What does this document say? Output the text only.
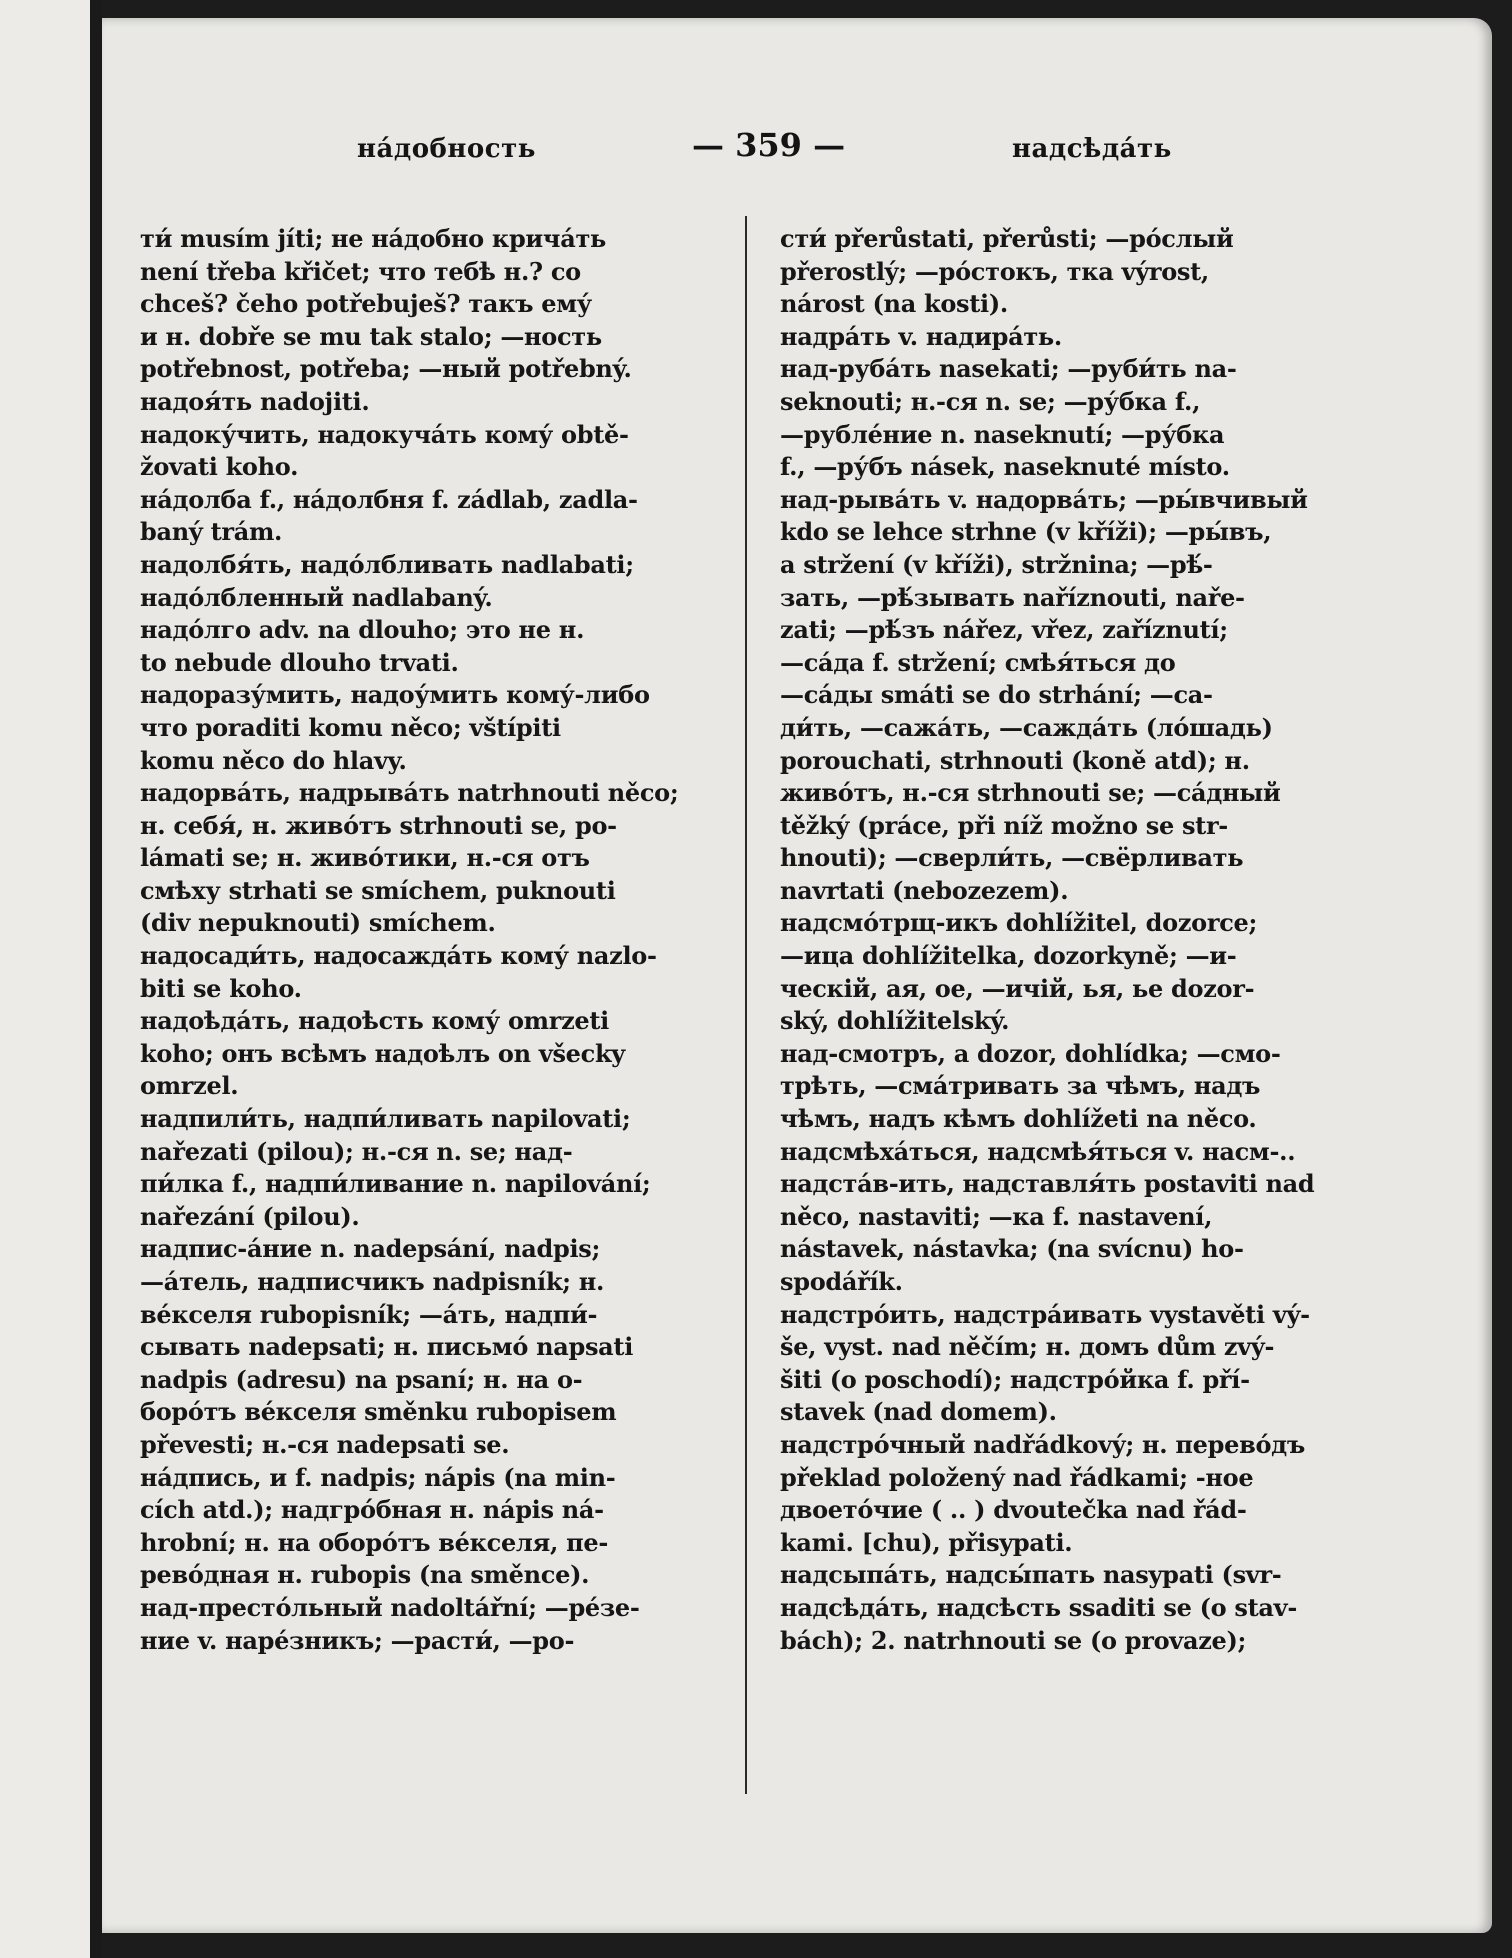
на́добность	— 359 —	надсѣда́ть
ти́ musím jíti; не на́добно крича́ть
není třeba křičet; что тебѣ н.? co
chceš? čeho potřebuješ? такъ ему́
и н. dobře se mu tak stalo; —ность
potřebnost, potřeba; —ный potřebný.
надоя́ть nadojiti.
надоку́чить, надокуча́ть кому́ obtě-
žovati koho.
на́долба f., на́долбня f. zádlab, zadla-
baný trám.
надолбя́ть, надо́лбливать nadlabati;
надо́лбленный nadlabaný.
надо́лго adv. na dlouho; это не н.
to nebude dlouho trvati.
надоразу́мить, надоу́мить кому́-либо
что poraditi komu něco; vštípiti
komu něco do hlavy.
надорва́ть, надрыва́ть natrhnouti něco;
н. себя́, н. живо́тъ strhnouti se, po-
lámati se; н. живо́тики, н.-ся отъ
смѣху strhati se smíchem, puknouti
(div nepuknouti) smíchem.
надосади́ть, надосажда́ть кому́ nazlo-
biti se koho.
надоѣда́ть, надоѣсть кому́ omrzeti
koho; онъ всѣмъ надоѣлъ on všecky
omrzel.
надпили́ть, надпи́ливать napilovati;
nařezati (pilou); н.-ся n. se; над-
пи́лка f., надпи́ливание n. napilování;
nařezání (pilou).
надпис-а́ние n. nadepsání, nadpis;
—а́тель, надписчикъ nadpisník; н.
ве́кселя rubopisník; —а́ть, надпи́-
сывать nadepsati; н. письмо́ napsati
nadpis (adresu) na psaní; н. на о-
боро́тъ ве́кселя směnku rubopisem
převesti; н.-ся nadepsati se.
на́дпись, и f. nadpis; nápis (na min-
cích atd.); надгро́бная н. nápis ná-
hrobní; н. на оборо́тъ ве́кселя, пе-
рево́дная н. rubopis (na směnce).
над-престо́льный nadoltářní; —ре́зе-
ние v. наре́зникъ; —расти́, —ро-
сти́ přerůstati, přerůsti; —ро́слый
přerostlý; —ро́стокъ, тка výrost,
nárost (na kosti).
надра́ть v. надира́ть.
над-руба́ть nasekati; —руби́ть na-
seknouti; н.-ся n. se; —ру́бка f.,
—рубле́ние n. naseknutí; —ру́бка
f., —ру́бъ násek, naseknuté místo.
над-рыва́ть v. надорва́ть; —ры́вчивый
kdo se lehce strhne (v kříži); —ры́въ,
a stržení (v kříži), stržnina; —рѣ́-
зать, —рѣ́зывать naříznouti, naře-
zati; —рѣ́зъ nářez, vřez, zaříznutí;
—са́да f. stržení; смѣя́ться до
—са́ды smáti se do strhání; —са-
ди́ть, —сажа́ть, —сажда́ть (ло́шадь)
porouchati, strhnouti (koně atd); н.
живо́тъ, н.-ся strhnouti se; —са́дный
těžký (práce, při níž možno se str-
hnouti); —сверли́ть, —свёрливать
navrtati (nebozezem).
надсмо́трщ-икъ dohlížitel, dozorce;
—ица dohlížitelka, dozorkyně; —и-
ческій, ая, ое, —ичій, ья, ье dozor-
ský, dohlížitelský.
над-смотръ, а dozor, dohlídka; —смо-
трѣть, —сма́тривать за чѣмъ, надъ
чѣмъ, надъ кѣмъ dohlížeti na něco.
надсмѣха́ться, надсмѣя́ться v. насм-..
надста́в-ить, надставля́ть postaviti nad
něco, nastaviti; —ка f. nastavení,
nástavek, nástavka; (na svícnu) ho-
spodářík.
надстро́ить, надстра́ивать vystavěti vý-
še, vyst. nad něčím; н. домъ dům zvý-
šiti (o poschodí); надстро́йка f. pří-
stavek (nad domem).
надстро́чный nadřádkový; н. перево́дъ
překlad položený nad řádkami; -ное
двоето́чие ( .. ) dvoutečka nad řád-
kami. [chu), přisypati.
надсыпа́ть, надсы́пать nasypati (svr-
надсѣда́ть, надсѣсть ssaditi se (o stav-
bách); 2. natrhnouti se (o provaze);
